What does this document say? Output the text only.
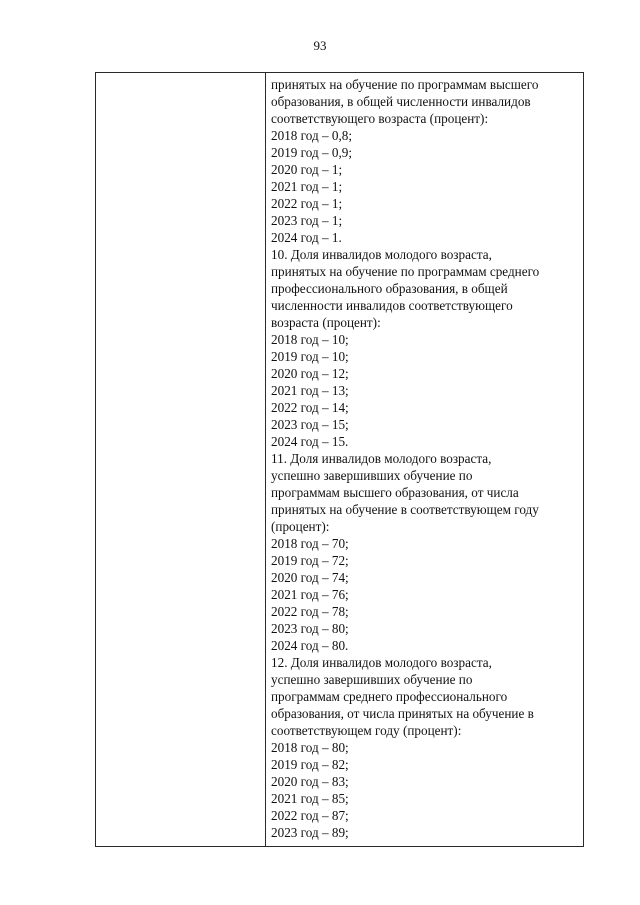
93
принятых на обучение по программам высшего
образования, в общей численности инвалидов
соответствующего возраста (процент):
2018 год – 0,8;
2019 год – 0,9;
2020 год – 1;
2021 год – 1;
2022 год – 1;
2023 год – 1;
2024 год – 1.
10. Доля инвалидов молодого возраста,
принятых на обучение по программам среднего
профессионального образования, в общей
численности инвалидов соответствующего
возраста (процент):
2018 год – 10;
2019 год – 10;
2020 год – 12;
2021 год – 13;
2022 год – 14;
2023 год – 15;
2024 год – 15.
11. Доля инвалидов молодого возраста,
успешно завершивших обучение по
программам высшего образования, от числа
принятых на обучение в соответствующем году
(процент):
2018 год – 70;
2019 год – 72;
2020 год – 74;
2021 год – 76;
2022 год – 78;
2023 год – 80;
2024 год – 80.
12. Доля инвалидов молодого возраста,
успешно завершивших обучение по
программам среднего профессионального
образования, от числа принятых на обучение в
соответствующем году (процент):
2018 год – 80;
2019 год – 82;
2020 год – 83;
2021 год – 85;
2022 год – 87;
2023 год – 89;
